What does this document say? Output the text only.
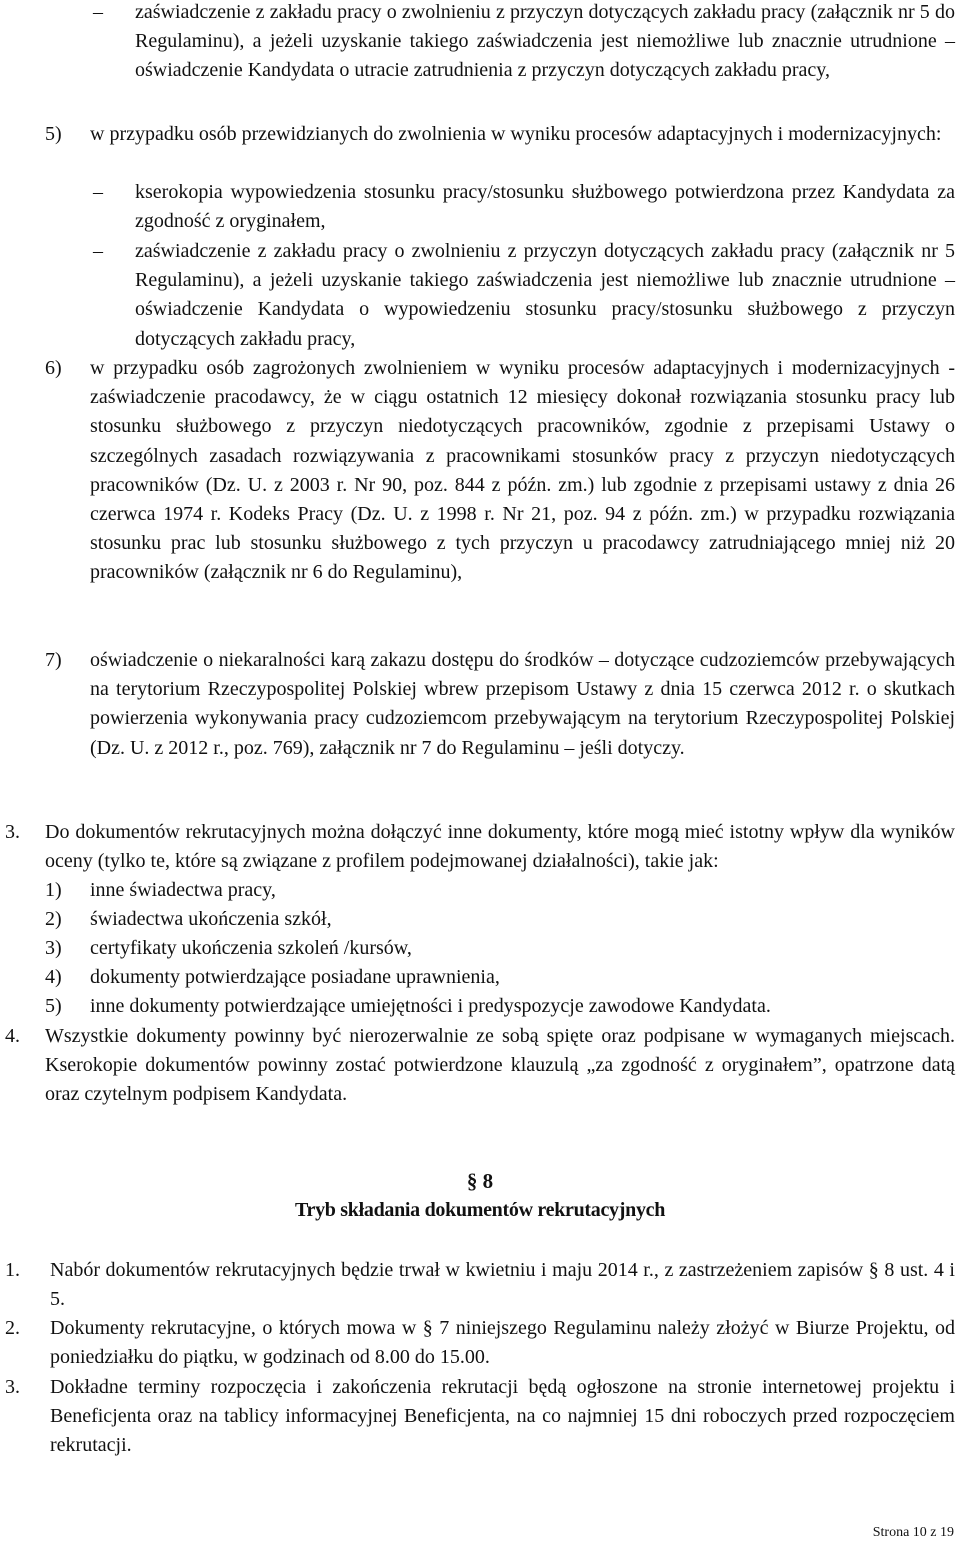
– zaświadczenie z zakładu pracy o zwolnieniu z przyczyn dotyczących zakładu pracy (załącznik nr 5 do Regulaminu), a jeżeli uzyskanie takiego zaświadczenia jest niemożliwe lub znacznie utrudnione – oświadczenie Kandydata o utracie zatrudnienia z przyczyn dotyczących zakładu pracy,
5) w przypadku osób przewidzianych do zwolnienia w wyniku procesów adaptacyjnych i modernizacyjnych:
– kserokopia wypowiedzenia stosunku pracy/stosunku służbowego potwierdzona przez Kandydata za zgodność z oryginałem,
– zaświadczenie z zakładu pracy o zwolnieniu z przyczyn dotyczących zakładu pracy (załącznik nr 5 Regulaminu), a jeżeli uzyskanie takiego zaświadczenia jest niemożliwe lub znacznie utrudnione – oświadczenie Kandydata o wypowiedzeniu stosunku pracy/stosunku służbowego z przyczyn dotyczących zakładu pracy,
6) w przypadku osób zagrożonych zwolnieniem w wyniku procesów adaptacyjnych i modernizacyjnych - zaświadczenie pracodawcy, że w ciągu ostatnich 12 miesięcy dokonał rozwiązania stosunku pracy lub stosunku służbowego z przyczyn niedotyczących pracowników, zgodnie z przepisami Ustawy o szczególnych zasadach rozwiązywania z pracownikami stosunków pracy z przyczyn niedotyczących pracowników (Dz. U. z 2003 r. Nr 90, poz. 844 z późn. zm.) lub zgodnie z przepisami ustawy z dnia 26 czerwca 1974 r. Kodeks Pracy (Dz. U. z 1998 r. Nr 21, poz. 94 z późn. zm.) w przypadku rozwiązania stosunku prac lub stosunku służbowego z tych przyczyn u pracodawcy zatrudniającego mniej niż 20 pracowników (załącznik nr 6 do Regulaminu),
7) oświadczenie o niekaralności karą zakazu dostępu do środków – dotyczące cudzoziemców przebywających na terytorium Rzeczypospolitej Polskiej wbrew przepisom Ustawy z dnia 15 czerwca 2012 r. o skutkach powierzenia wykonywania pracy cudzoziemcom przebywającym na terytorium Rzeczypospolitej Polskiej (Dz. U. z 2012 r., poz. 769), załącznik nr 7 do Regulaminu – jeśli dotyczy.
3. Do dokumentów rekrutacyjnych można dołączyć inne dokumenty, które mogą mieć istotny wpływ dla wyników oceny (tylko te, które są związane z profilem podejmowanej działalności), takie jak:
1) inne świadectwa pracy,
2) świadectwa ukończenia szkół,
3) certyfikaty ukończenia szkoleń /kursów,
4) dokumenty potwierdzające posiadane uprawnienia,
5) inne dokumenty potwierdzające umiejętności i predyspozycje zawodowe Kandydata.
4. Wszystkie dokumenty powinny być nierozerwalnie ze sobą spięte oraz podpisane w wymaganych miejscach. Kserokopie dokumentów powinny zostać potwierdzone klauzulą „za zgodność z oryginałem”, opatrzone datą oraz czytelnym podpisem Kandydata.
§ 8
Tryb składania dokumentów rekrutacyjnych
1. Nabór dokumentów rekrutacyjnych będzie trwał w kwietniu i maju 2014 r., z zastrzeżeniem zapisów § 8 ust. 4 i 5.
2. Dokumenty rekrutacyjne, o których mowa w § 7 niniejszego Regulaminu należy złożyć w Biurze Projektu, od poniedziałku do piątku, w godzinach od 8.00 do 15.00.
3. Dokładne terminy rozpoczęcia i zakończenia rekrutacji będą ogłoszone na stronie internetowej projektu i Beneficjenta oraz na tablicy informacyjnej Beneficjenta, na co najmniej 15 dni roboczych przed rozpoczęciem rekrutacji.
Strona 10 z 19
